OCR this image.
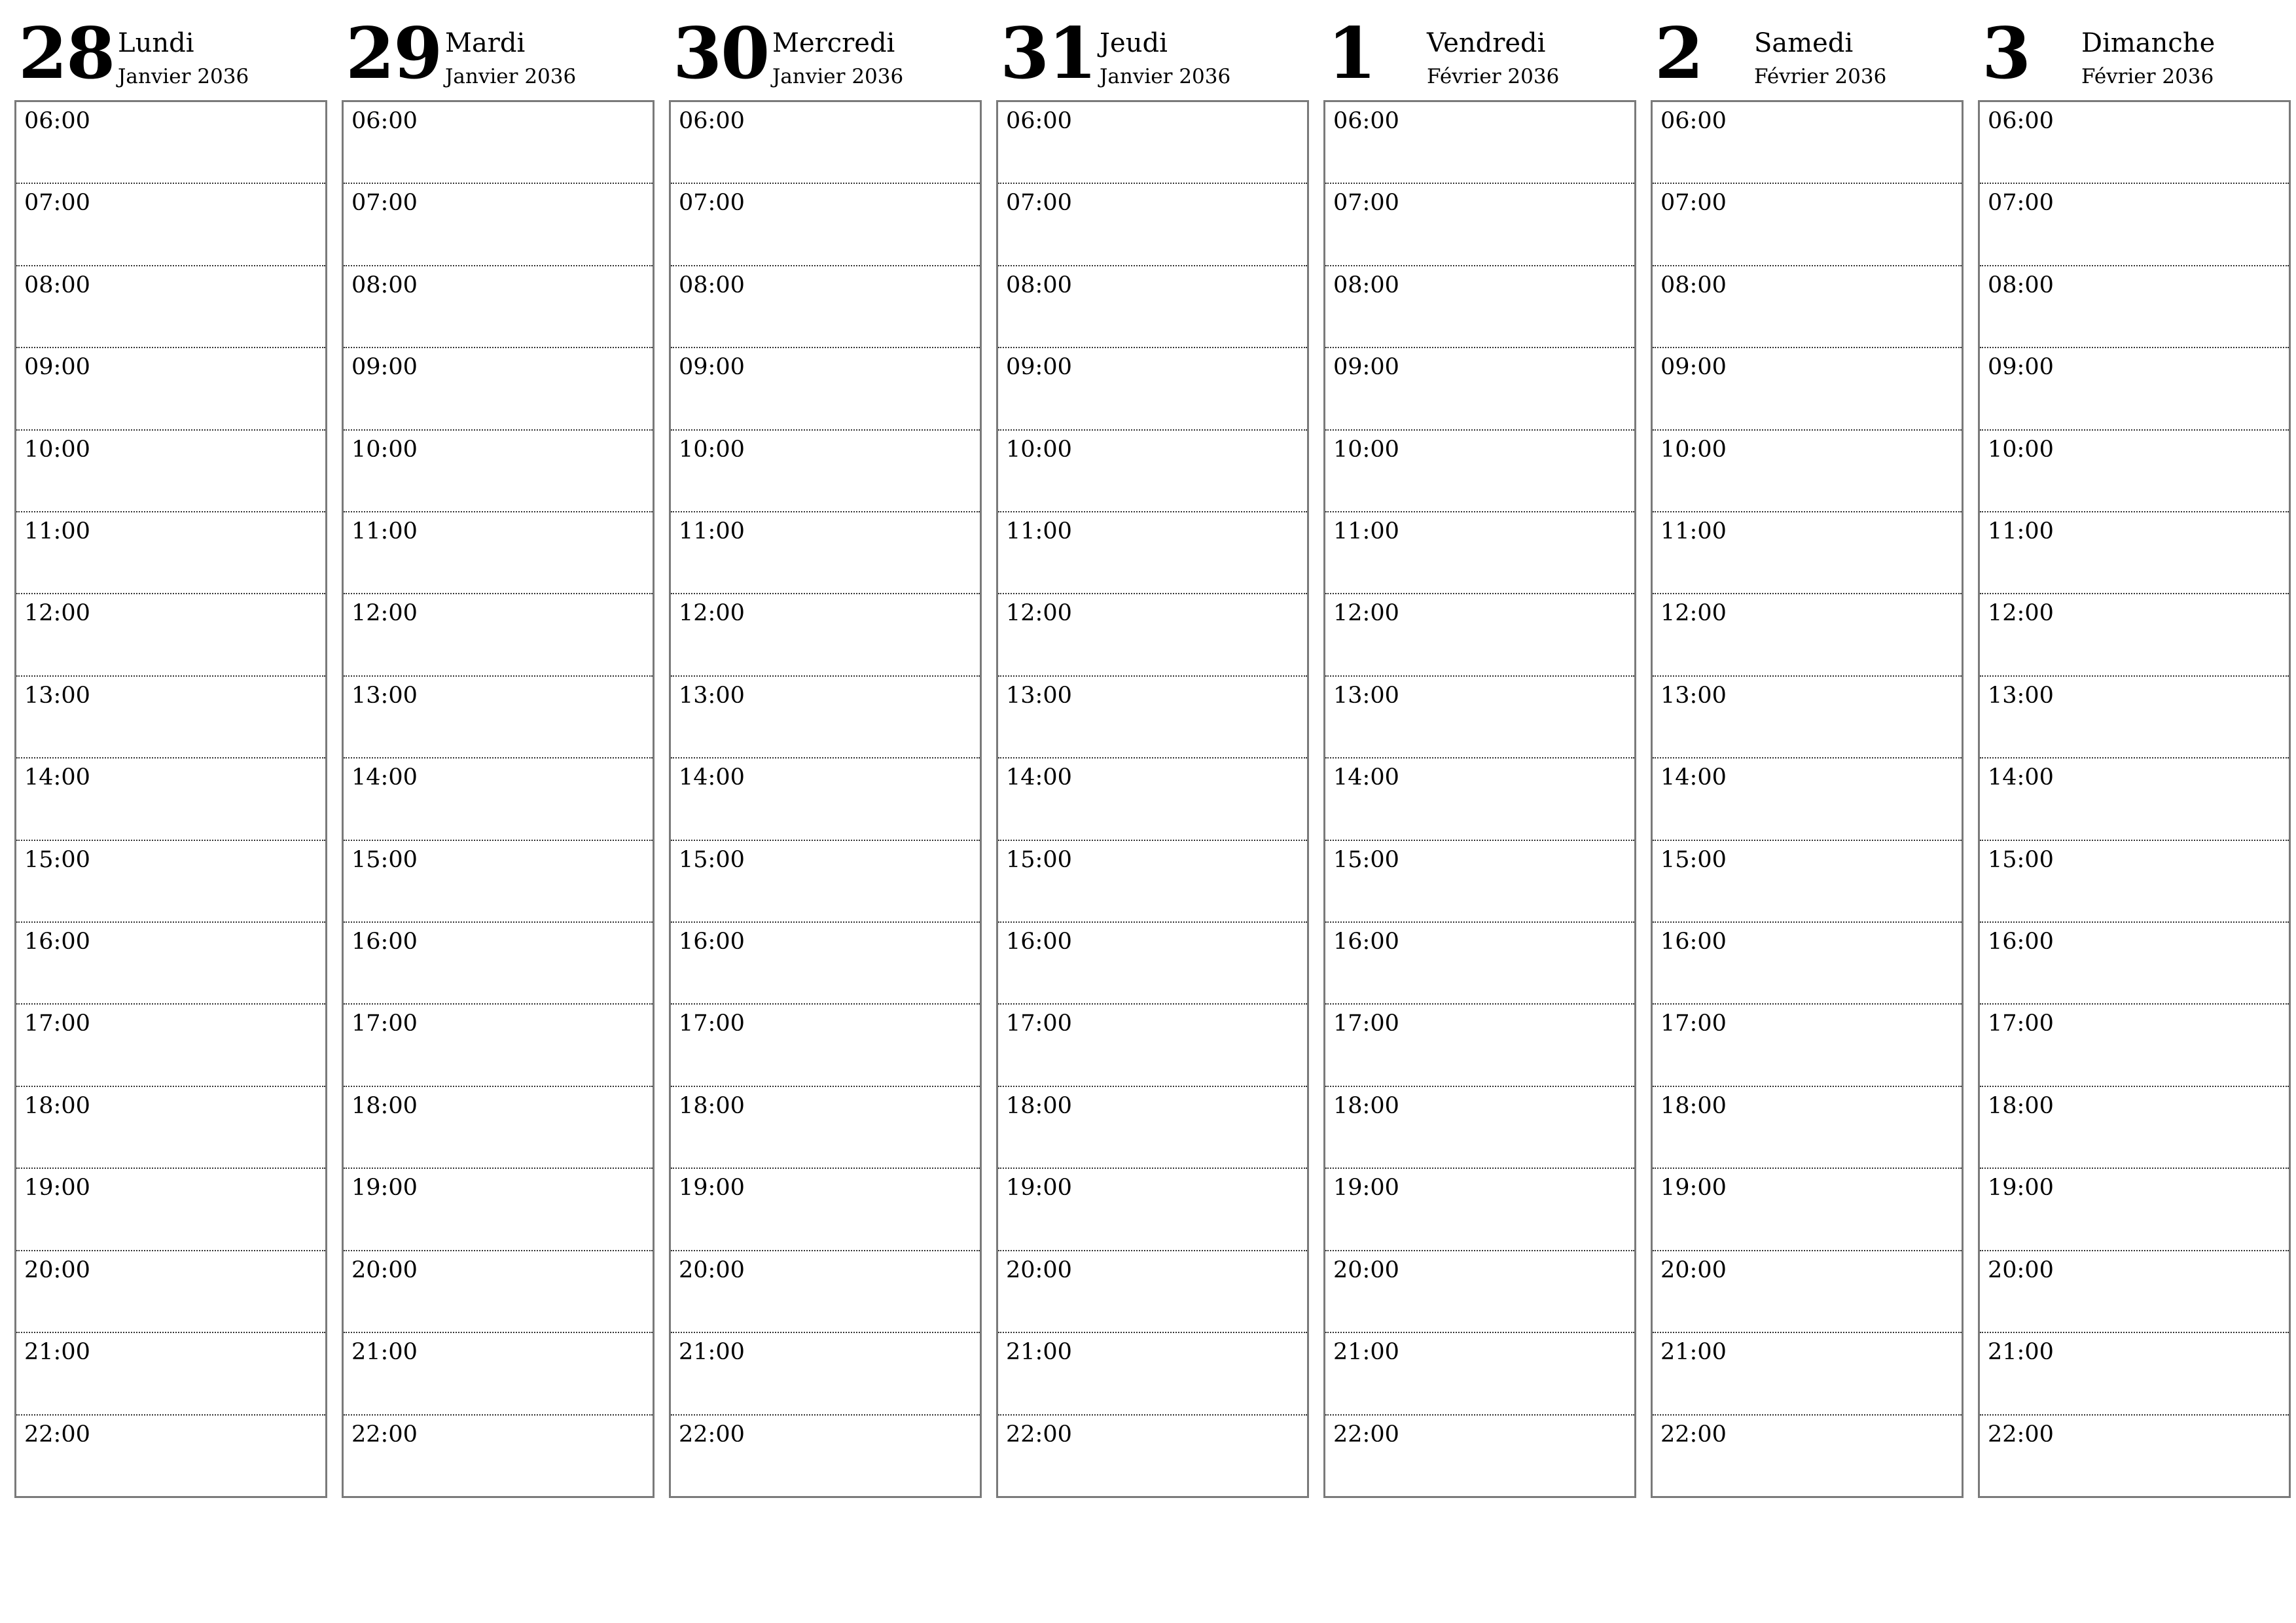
28 Lundi
Janvier 2036
06:00
07:00
08:00
09:00
10:00
11:00
12:00
13:00
14:00
15:00
16:00
17:00
18:00
19:00
20:00
21:00
22:00
29 Mardi
Janvier 2036
06:00
07:00
08:00
09:00
10:00
11:00
12:00
13:00
14:00
15:00
16:00
17:00
18:00
19:00
20:00
21:00
22:00
30 Mercredi
Janvier 2036
06:00
07:00
08:00
09:00
10:00
11:00
12:00
13:00
14:00
15:00
16:00
17:00
18:00
19:00
20:00
21:00
22:00
31 Jeudi
Janvier 2036
06:00
07:00
08:00
09:00
10:00
11:00
12:00
13:00
14:00
15:00
16:00
17:00
18:00
19:00
20:00
21:00
22:00
1	Vendredi
Février 2036
06:00
07:00
08:00
09:00
10:00
11:00
12:00
13:00
14:00
15:00
16:00
17:00
18:00
19:00
20:00
21:00
22:00
2	Samedi
Février 2036
06:00
07:00
08:00
09:00
10:00
11:00
12:00
13:00
14:00
15:00
16:00
17:00
18:00
19:00
20:00
21:00
22:00
3	Dimanche
Février 2036
06:00
07:00
08:00
09:00
10:00
11:00
12:00
13:00
14:00
15:00
16:00
17:00
18:00
19:00
20:00
21:00
22:00
